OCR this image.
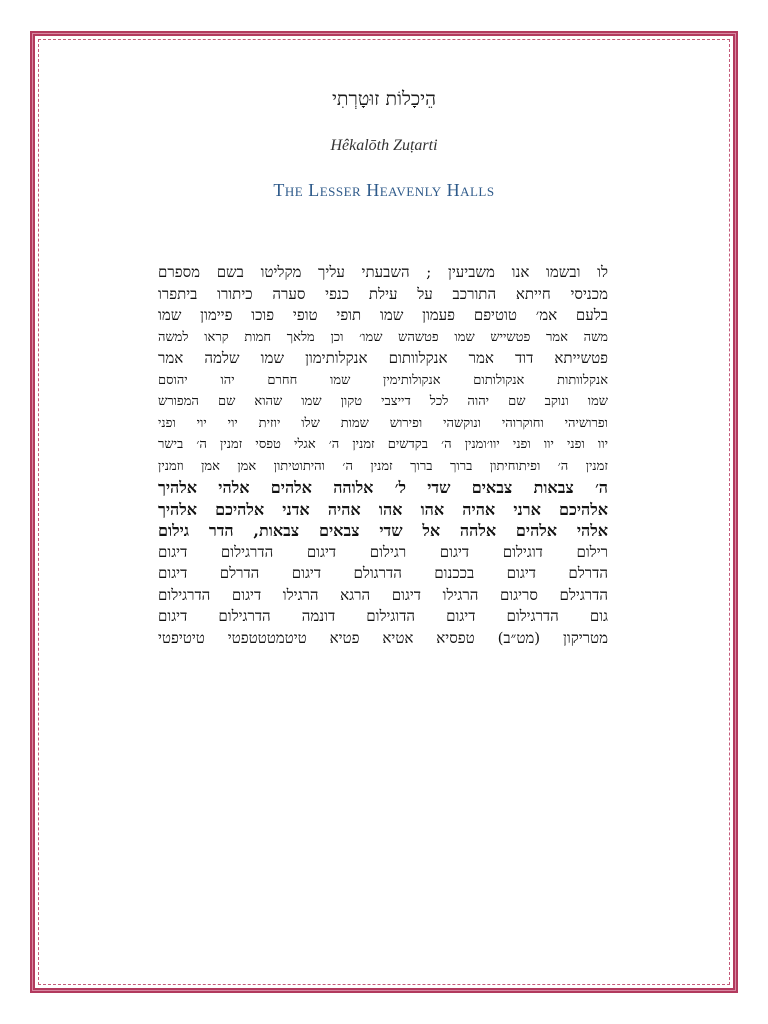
הֵיכָלוֹת זוּטָרְתִי
Hêkalōth Zuṭarti
The Lesser Heavenly Halls
לו ובשמו אנו משביעין ; השבעתי עליך מקליטו בשם מספרם
מכניסי חייתא התורכב על עילת כנפי סערה כיתורו ביתפרו
בלעם אמ׳ טוטיפם פעמון שמו תופי טופי פוכו פיימון שמו
משה אמר פטשייש שמו פטשהש שמו׳ וכן מלאך חמות קראו למשה
פטשייתא דוד אמר אנקלוותום אנקלותימון שמו שלמה אמר
אנקלוותות אנקולותום אנקולותימין שמו חחרם יהו יהוסם
שמו ונוקב שם יהוה לכל דייצבי טקון שמו שהוא שם המפורש
ופרושיהי וחוקרוהי ונוקשהי ופירוש שמות שלו יוזית יוי יוי ופני
יוו ופני יוו ופני יוו׳ומנין ה׳ בקדשים זמנין ה׳ אגלי טפסי זמנין ה׳ בישר
זמנין ה׳ ופיתוחיתון ברוך ברוך זמנין ה׳ והיתוטיתון אמן אמן וזמנין
ה׳ צבאות צבאים שדי ל׳ אלוהה אלהים אלהי אלהיך
אלהיכם ארני אהיה אהו אהו אהיה אדני אלהיכם אלהיך
אלהי אלהים אלהה אל שדי צבאים צבאות, הדר גילום
רילום דוגילום דיגום רגילום דיגום הדרגילום דיגום
הדרלם דיגום בככנום הדרגולם דיגום הדרלם דיגום
הדרגילם סריגום הרגילו דיגום הרגא הרגילו דיגום הדרגילום
גום הדרגילום דיגום הדוגילום דונמה הדרגילום דיגום
מטריקון (מט״ב) טפסיא אטיא פטיא טיטמטטטפטי טיטיפטי
